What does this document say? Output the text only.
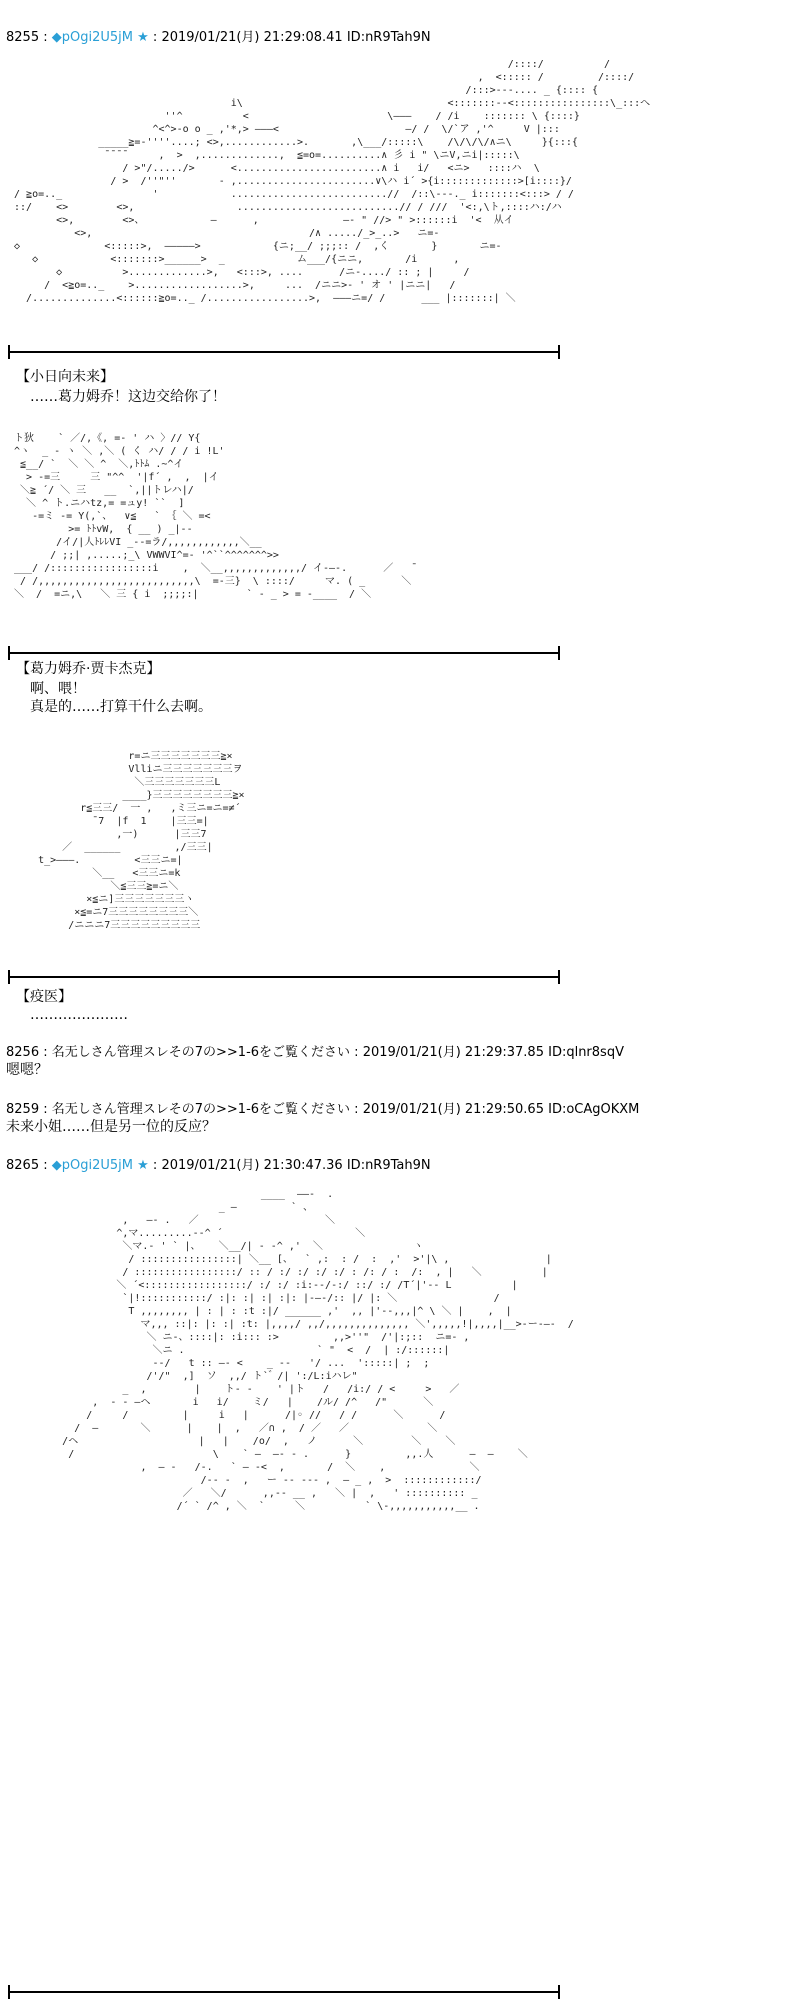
8255 : ◆pOgi2U5jM ★ : 2019/01/21(月) 21:29:08.41 ID:nR9Tah9N
/::::/          /
,  <::::: /         /::::/
/:::>‐‐-.... _ {:::: {
i\                                  <:::::::-‐<::::::::::::::::\_:::へ
''^          <                       \―――    / /i    ::::::: \ {::::}
^<^>-o o _ ,'*,> ―――<                     ―/ /  \/`ア ,'^     V |:::
_____≧=-''''....; <>,............>.       ,\___/:::::\    /\/\/\/∧ニ\     }{:::{
̄ ̄ ̄ ̄      ,  >  ,.............,  ≦=o=..........∧ 彡 i " \ニV,ニi|:::::\
/ >"/...../>      <........................∧ i   i/   <ニ>   ::::ハ  \
/ >  /''"''       ‐ ,.......................∨\ハ i´ >{i:::::::::::::>[i::::}/
/ ≧o=.._               '            ..........................//  /::\‐‐-._ i:::::::<:::> / /
::/    <>        <>,                 ...........................// / ///  '<:,\ト,::::ハ:/ハ
<>,        <>、           ―      ,              ―‐ " //> " >::::::i  '<  从イ
<>,                                    /∧ ...../_>_..>   ニ=-
◇              <:::::>,  ―――――>            {ニ;__/ ;;;:: /  ,く       }       ニ=-
◇            <:::::::>______>  _            ム___/{ニニ,       /i      ,
◇          >.............>,   <:::>, ....      /ニ-..../ :: ; |     /
/  <≧o=.._    >..................>,     ...  /ニニ>- ' オ ' |ニニ|   /
/..............<::::::≧o=.._ /.................>,  ―――ニ=/ /      ___ |:::::::| ＼

【小日向未来】
……葛力姆乔！这边交给你了！
ト狄    ` ／/,《, =- ' ハ 〉// Y{
^ヽ  _ - ヽ ＼ ,＼ ( く ハ/ / / i !L'
≦__/ `  ＼ ＼ ^  ＼,ﾄﾄﾑ .~^イ
> -=三     三 "^^  '|f´ ,  ,  |イ
＼≧ ´/ ＼ 三   __  `,||トレハ|/
＼ ^ ト.ニハtz,= =ュy! ``  ]
-=ミ -= Y(,`、  ∨≦   ` ｛ ＼ =<
>= ﾄﾄvW,  { __ ) _|--
/イ/|人ﾄﾚﾚVI _--=ラ/,,,,,,,,,,,,＼__
/ ;;| ,.....;_\ VWWVI^=- '^``^^^^^^^>>
___/ /:::::::::::::::::i    ,  ＼__,,,,,,,,,,,,,/ イ‐―-.      ／   ̄
/ /,,,,,,,,,,,,,,,,,,,,,,,,,,\  =-三}  \ ::::/     マ. ( _      ＼
＼  /  =ニ,\   ＼ 三 { i  ;;;;:|        ` ‐ _ > = -____  / ＼

【葛力姆乔·贾卡杰克】
啊、喂！
真是的……打算干什么去啊。
r=ニ三三三三三三三≧×
Vlliニ三三三三三三三ヲ
＼三三三三三三三L
____}三三三三三三三三≧×
r≦三三/  一 ,   ,ミ三ニ=ニ=≠´
̄ 7  |f  1    |三三=|
,一)      |三三7
／  ______         ,/三三|
t_>―――.         <三三ニ=|
＼__   <三三ニ=k
＼≦三三≧=ニ＼
×≦ニ]三三三三三三三ヽ
×≦=ニ7三三三三三三三三＼
/ニニニ7三三三三三三三三三

【疫医】
…………………
8256 : 名无しさん管理スレその7の>>1-6をご覧ください : 2019/01/21(月) 21:29:37.85 ID:qlnr8sqV
嗯嗯？
8259 : 名无しさん管理スレその7の>>1-6をご覧ください : 2019/01/21(月) 21:29:50.65 ID:oCAgOKXM
未来小姐……但是另一位的反应？
8265 : ◆pOgi2U5jM ★ : 2019/01/21(月) 21:30:47.36 ID:nR9Tah9N
____  ――-  .
_ ―         ` 、
,   ―- .   ／                     ＼
^,マ.........‐‐^ ´                      ＼
＼マ.- ' ` |、   ＼__/| ‐ -^ ,'  ＼               ヽ
/ ::::::::::::::::| ＼__ [、  ` ,:  : /  :  ,'  >'|\ ,                |
/ :::::::::::::::::/ :: / :/ :/ :/ :/ : /: / :  /:  , |   ＼          |
＼ ´<:::::::::::::::::/ :/ :/ :i:‐-/-:/ ::/ :/ /T´|'‐- L          |
`|!:::::::::::/ :|: :| :| :|: |‐―-/:: |/ |: ＼                /
T ,,,,,,,, | : | : :t :|/ ______ ,'  ,, |'--,,,|^ \ ＼ |    ,  |
マ,,, ::|: |: :| :t: |,,,,/ ,,/,,,,,,,,,,,,,, ＼',,,,,!|,,,,|__>-ー-―‐  /
＼ ニ-、::::|: :i::: :>         ,,>''"  /'|:;::  ニ=‐ ,
＼ニ .                      ` "  <  /  | :/::::::|
‐-/   t :: ―- <    _ -‐   '/ ...  ':::::| ;  ;
/'/"  ,]  ソ  ,,/ ト` ゙ /| ':/L:iハレ"
_  ,        |    ト- -    ' |ト   /   /i:/ / <     >   ／
,  - - ―ヘ       i   i/    ミ/   |    /ル/ /^   /"      ＼
/     /         |     i   |      /|◦ //   / /      ＼      /
/  ―       ＼      |    |  ,   ／∩ ,  / ／   ／             ＼
/ヘ                    |   |    /o/  ,   ノ      ＼        ＼    ＼
/                       \    ` ―  ―‐ - .      }         ,,.人      ―  ―    ＼
,  ― -   /-.   ` ― -<  ,       /  ＼    ,              ＼
/-‐ -  ,   ー -- --- ,  ― _ ,  >  ::::::::::::/
／   ＼/      ,,‐- __ ,   ＼ |  ,   ' :::::::::: _
/´ ` /^ , ＼  `     ＼          ` \-,,,,,,,,,,,__ .
